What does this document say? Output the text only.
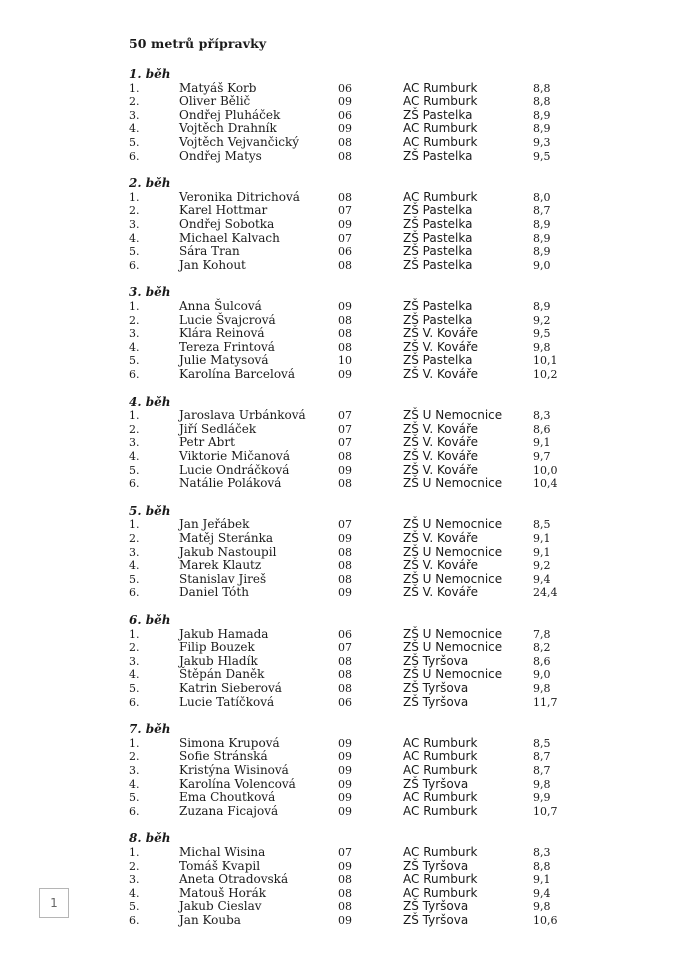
50 metrů přípravky
1. běh
1.	Matyáš Korb	06	AC Rumburk	8,8
2.	Oliver Bělič	09	AC Rumburk	8,8
3.	Ondřej Pluháček	06	ZŠ Pastelka	8,9
4.	Vojtěch Drahník	09	AC Rumburk	8,9
5.	Vojtěch Vejvančický	08	AC Rumburk	9,3
6.	Ondřej Matys	08	ZŠ Pastelka	9,5
2. běh
1.	Veronika Ditrichová	08	AC Rumburk	8,0
2.	Karel Hottmar	07	ZŠ Pastelka	8,7
3.	Ondřej Sobotka	09	ZŠ Pastelka	8,9
4.	Michael Kalvach	07	ZŠ Pastelka	8,9
5.	Sára Tran	06	ZŠ Pastelka	8,9
6.	Jan Kohout	08	ZŠ Pastelka	9,0
3. běh
1.	Anna Šulcová	09	ZŠ Pastelka	8,9
2.	Lucie Švajcrová	08	ZŠ Pastelka	9,2
3.	Klára Reinová	08	ZŠ V. Kováře	9,5
4.	Tereza Frintová	08	ZŠ V. Kováře	9,8
5.	Julie Matysová	10	ZŠ Pastelka	10,1
6.	Karolína Barcelová	09	ZŠ V. Kováře	10,2
4. běh
1.	Jaroslava Urbánková	07	ZŠ U Nemocnice	8,3
2.	Jiří Sedláček	07	ZŠ V. Kováře	8,6
3.	Petr Abrt	07	ZŠ V. Kováře	9,1
4.	Viktorie Mičanová	08	ZŠ V. Kováře	9,7
5.	Lucie Ondráčková	09	ZŠ V. Kováře	10,0
6.	Natálie Poláková	08	ZŠ U Nemocnice	10,4
5. běh
1.	Jan Jeřábek	07	ZŠ U Nemocnice	8,5
2.	Matěj Steránka	09	ZŠ V. Kováře	9,1
3.	Jakub Nastoupil	08	ZŠ U Nemocnice	9,1
4.	Marek Klautz	08	ZŠ V. Kováře	9,2
5.	Stanislav Jireš	08	ZŠ U Nemocnice	9,4
6.	Daniel Tóth	09	ZŠ V. Kováře	24,4
6. běh
1.	Jakub Hamada	06	ZŠ U Nemocnice	7,8
2.	Filip Bouzek	07	ZŠ U Nemocnice	8,2
3.	Jakub Hladík	08	ZŠ Tyršova	8,6
4.	Štěpán Daněk	08	ZŠ U Nemocnice	9,0
5.	Katrin Sieberová	08	ZŠ Tyršova	9,8
6.	Lucie Tatíčková	06	ZŠ Tyršova	11,7
7. běh
1.	Simona Krupová	09	AC Rumburk	8,5
2.	Sofie Stránská	09	AC Rumburk	8,7
3.	Kristýna Wisinová	09	AC Rumburk	8,7
4.	Karolína Volencová	09	ZŠ Tyršova	9,8
5.	Ema Choutková	09	AC Rumburk	9,9
6.	Zuzana Ficajová	09	AC Rumburk	10,7
8. běh
1.	Michal Wisina	07	AC Rumburk	8,3
2.	Tomáš Kvapil	09	ZŠ Tyršova	8,8
3.	Aneta Otradovská	08	AC Rumburk	9,1
4.	Matouš Horák	08	AC Rumburk	9,4
5.	Jakub Cieslav	08	ZŠ Tyršova	9,8
6.	Jan Kouba	09	ZŠ Tyršova	10,6
1
